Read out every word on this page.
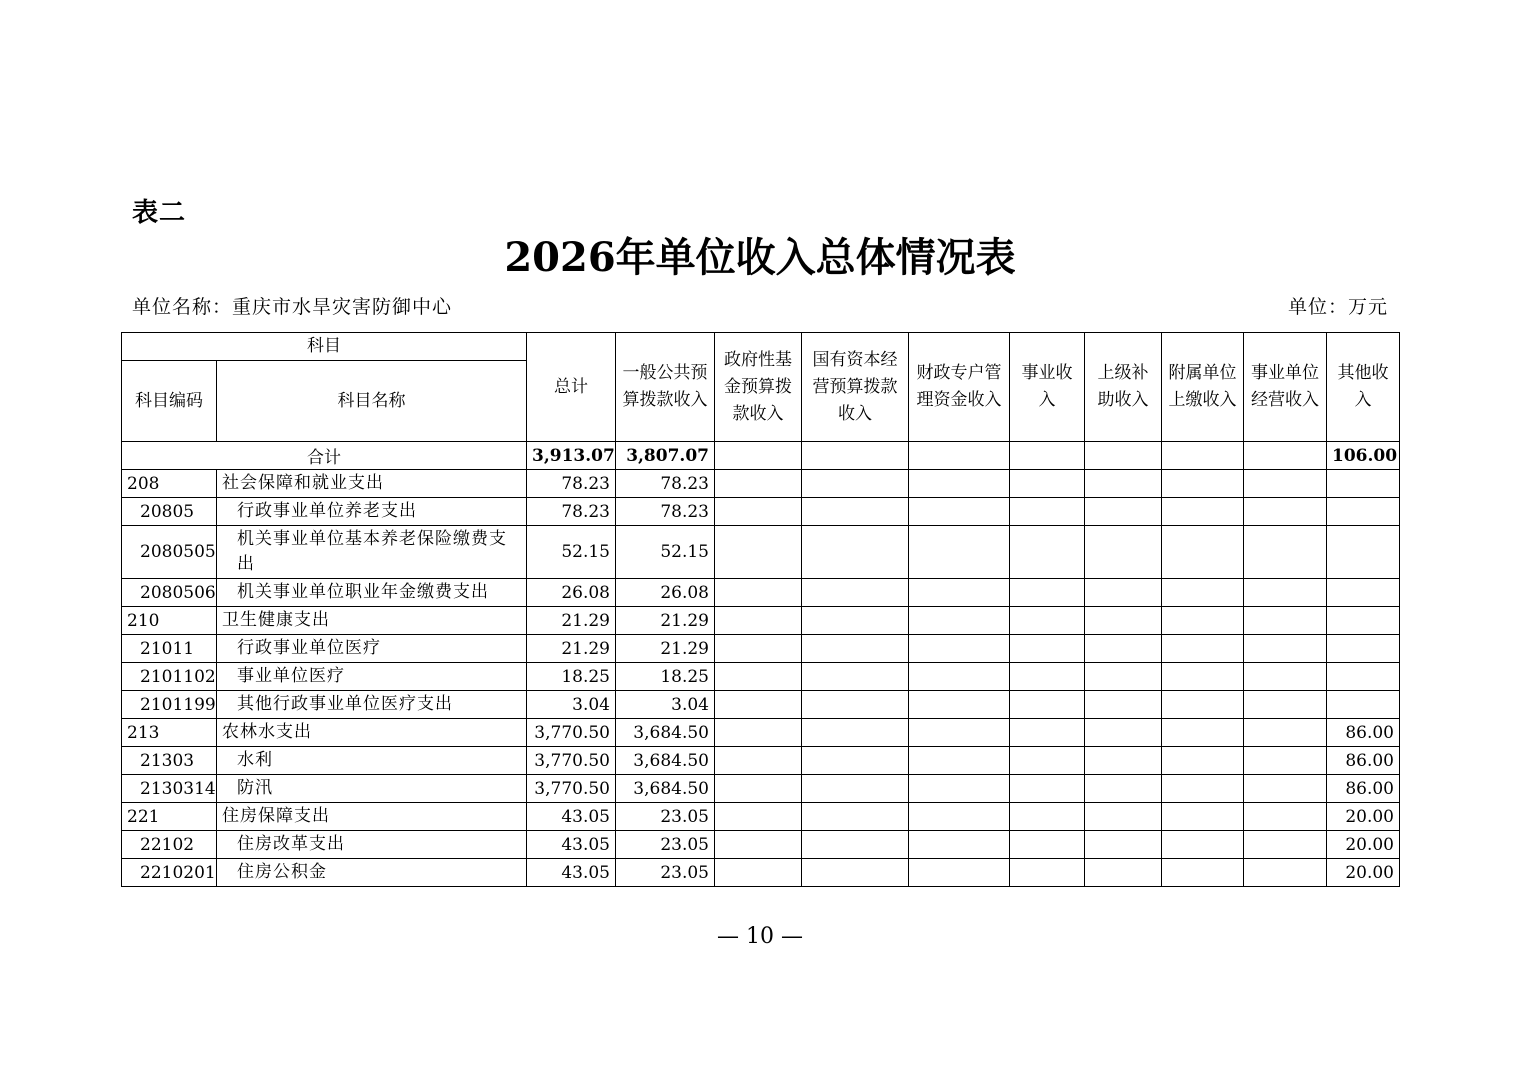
表二
2026年单位收入总体情况表
单位名称：重庆市水旱灾害防御中心	单位：万元
科目		总计	一般公共预算拨款收入	政府性基金预算拨款收入	国有资本经营预算拨款收入	财政专户管理资金收入	事业收入	上级补助收入	附属单位上缴收入	事业单位经营收入	其他收入
科目编码	科目名称										
合计		3,913.07	3,807.07								106.00
208	社会保障和就业支出	78.23	78.23								
20805	行政事业单位养老支出	78.23	78.23								
2080505	机关事业单位基本养老保险缴费支出	52.15	52.15								
2080506	机关事业单位职业年金缴费支出	26.08	26.08								
210	卫生健康支出	21.29	21.29								
21011	行政事业单位医疗	21.29	21.29								
2101102	事业单位医疗	18.25	18.25								
2101199	其他行政事业单位医疗支出	3.04	3.04								
213	农林水支出	3,770.50	3,684.50								86.00
21303	水利	3,770.50	3,684.50								86.00
2130314	防汛	3,770.50	3,684.50								86.00
221	住房保障支出	43.05	23.05								20.00
22102	住房改革支出	43.05	23.05								20.00
2210201	住房公积金	43.05	23.05								20.00
— 10 —
